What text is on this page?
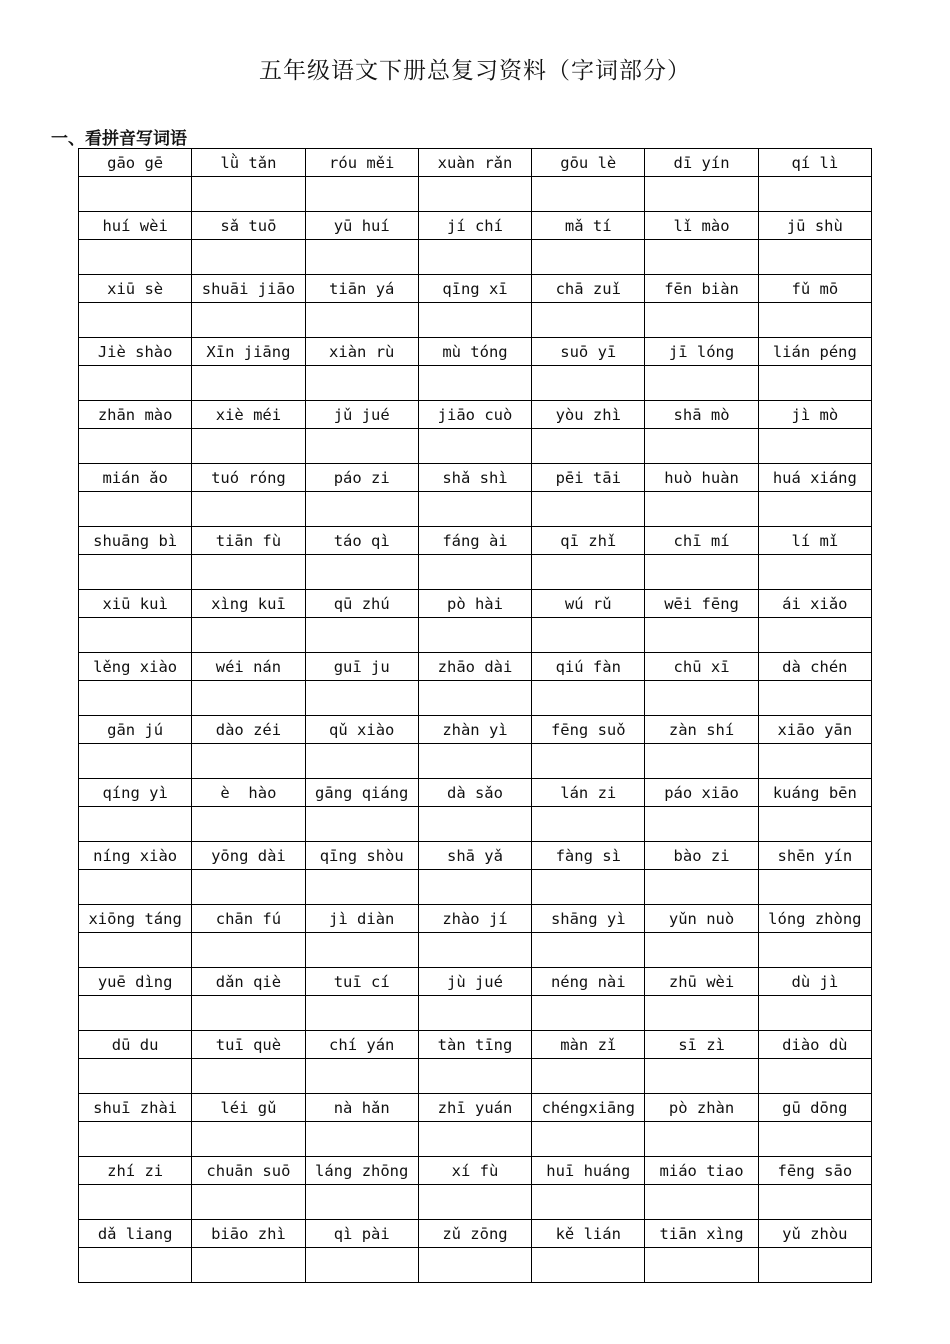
五年级语文下册总复习资料（字词部分）
一、看拼音写词语
gāo gē	lǜ tǎn	róu měi	xuàn rǎn	gōu lè	dī yín	qí lì

huí wèi	sǎ tuō	yū huí	jí chí	mǎ tí	lǐ mào	jū shù

xiū sè	shuāi jiāo	tiān yá	qīng xī	chā zuǐ	fēn biàn	fǔ mō

Jiè shào	Xīn jiāng	xiàn rù	mù tóng	suō yī	jī lóng	lián péng

zhān mào	xiè méi	jǔ jué	jiāo cuò	yòu zhì	shā mò	jì mò

mián ǎo	tuó róng	páo zi	shǎ shì	pēi tāi	huò huàn	huá xiáng

shuāng bì	tiān fù	táo qì	fáng ài	qī zhǐ	chī mí	lí mǐ

xiū kuì	xìng kuī	qū zhú	pò hài	wú rǔ	wēi fēng	ái xiǎo

lěng xiào	wéi nán	guī ju	zhāo dài	qiú fàn	chū xī	dà chén

gān jú	dào zéi	qǔ xiào	zhàn yì	fēng suǒ	zàn shí	xiāo yān

qíng yì	è  hào	gāng qiáng	dà sǎo	lán zi	páo xiāo	kuáng bēn

níng xiào	yōng dài	qīng shòu	shā yǎ	fàng sì	bào zi	shēn yín

xiōng táng	chān fú	jì diàn	zhào jí	shāng yì	yǔn nuò	lóng zhòng

yuē dìng	dǎn qiè	tuī cí	jù jué	néng nài	zhū wèi	dù jì

dū du	tuī què	chí yán	tàn tīng	màn zǐ	sī zì	diào dù

shuī zhài	léi gǔ	nà hǎn	zhī yuán	chéngxiāng	pò zhàn	gū dōng

zhí zi	chuān suō	láng zhōng	xí fù	huī huáng	miáo tiao	fēng sāo

dǎ liang	biāo zhì	qì pài	zǔ zōng	kě lián	tiān xìng	yǔ zhòu
